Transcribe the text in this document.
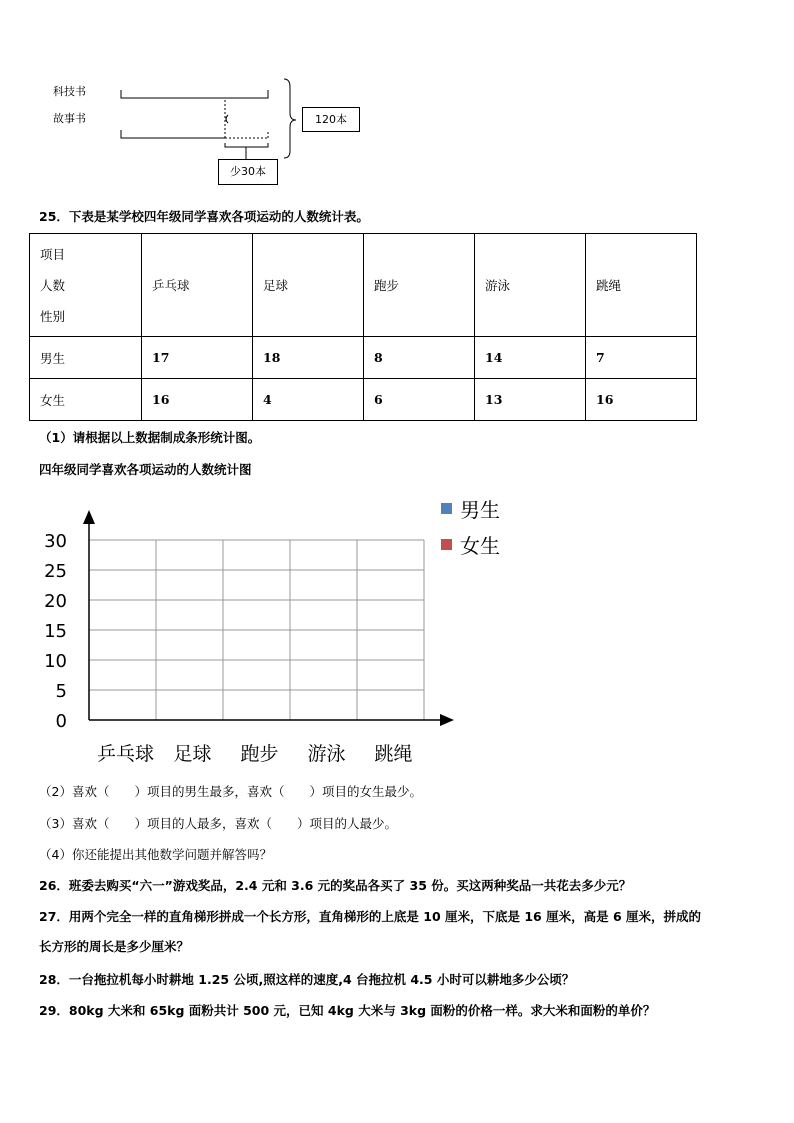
科技书
故事书	120本
少30本
25．下表是某学校四年级同学喜欢各项运动的人数统计表。
项目
人数
性别	乒乓球	足球	跑步	游泳	跳绳
男生	17	18	8	14	7
女生	16	4	6	13	16
（1）请根据以上数据制成条形统计图。
四年级同学喜欢各项运动的人数统计图
0
5
10
15
20
25
30
乒乓球 足球 跑步 游泳 跳绳
男生
女生
（2）喜欢（　　）项目的男生最多，喜欢（　　）项目的女生最少。
（3）喜欢（　　）项目的人最多，喜欢（　　）项目的人最少。
（4）你还能提出其他数学问题并解答吗？
26．班委去购买“六一”游戏奖品，2.4 元和 3.6 元的奖品各买了 35 份。买这两种奖品一共花去多少元？
27．用两个完全一样的直角梯形拼成一个长方形，直角梯形的上底是 10 厘米，下底是 16 厘米，高是 6 厘米，拼成的
长方形的周长是多少厘米？
28．一台拖拉机每小时耕地 1.25 公顷,照这样的速度,4 台拖拉机 4.5 小时可以耕地多少公顷？
29．80kg 大米和 65kg 面粉共计 500 元，已知 4kg 大米与 3kg 面粉的价格一样。求大米和面粉的单价？
